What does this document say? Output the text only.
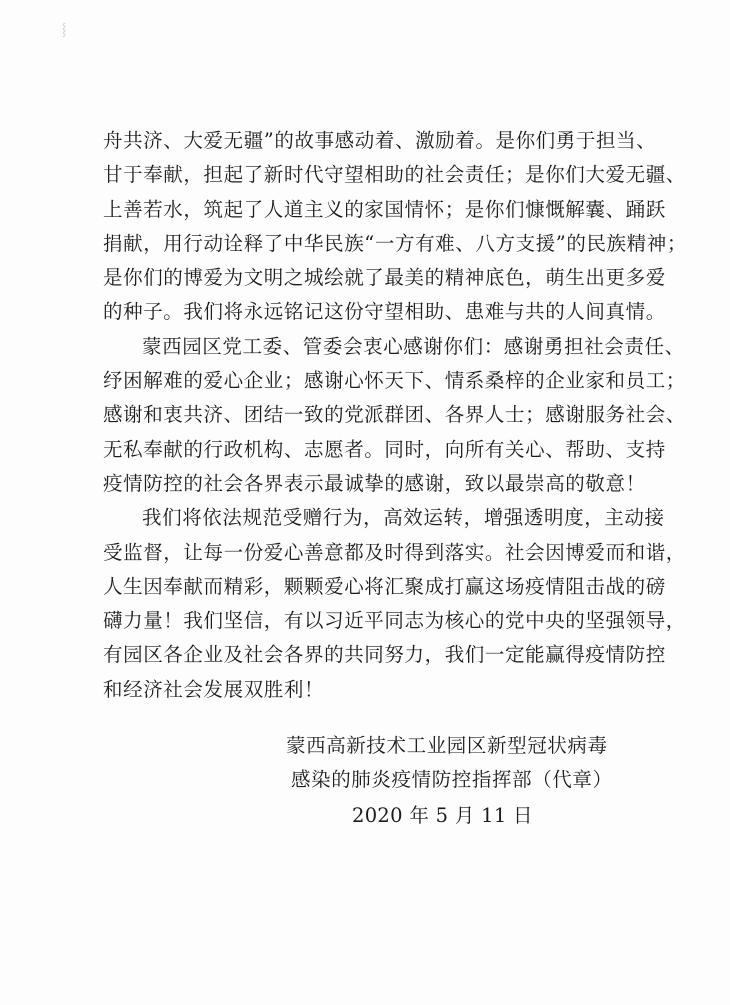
⸾
舟共济、大爱无疆”的故事感动着、激励着。是你们勇于担当、
甘于奉献，担起了新时代守望相助的社会责任；是你们大爱无疆、
上善若水，筑起了人道主义的家国情怀；是你们慷慨解囊、踊跃
捐献，用行动诠释了中华民族“一方有难、八方支援”的民族精神；
是你们的博爱为文明之城绘就了最美的精神底色，萌生出更多爱
的种子。我们将永远铭记这份守望相助、患难与共的人间真情。
蒙西园区党工委、管委会衷心感谢你们：感谢勇担社会责任、
纾困解难的爱心企业；感谢心怀天下、情系桑梓的企业家和员工；
感谢和衷共济、团结一致的党派群团、各界人士；感谢服务社会、
无私奉献的行政机构、志愿者。同时，向所有关心、帮助、支持
疫情防控的社会各界表示最诚挚的感谢，致以最崇高的敬意！
我们将依法规范受赠行为，高效运转，增强透明度，主动接
受监督，让每一份爱心善意都及时得到落实。社会因博爱而和谐，
人生因奉献而精彩，颗颗爱心将汇聚成打赢这场疫情阻击战的磅
礴力量！我们坚信，有以习近平同志为核心的党中央的坚强领导，
有园区各企业及社会各界的共同努力，我们一定能赢得疫情防控
和经济社会发展双胜利！
蒙西高新技术工业园区新型冠状病毒
感染的肺炎疫情防控指挥部（代章）
2020 年 5 月 11 日
